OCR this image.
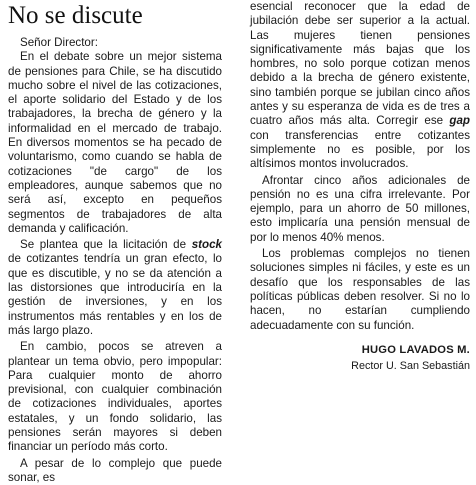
No se discute
Señor Director:

En el debate sobre un mejor sistema de pensiones para Chile, se ha discutido mucho sobre el nivel de las cotizaciones, el aporte solidario del Estado y de los trabajadores, la brecha de género y la informalidad en el mercado de trabajo. En diversos momentos se ha pecado de voluntarismo, como cuando se habla de cotizaciones "de cargo" de los empleadores, aunque sabemos que no será así, excepto en pequeños segmentos de trabajadores de alta demanda y calificación.

Se plantea que la licitación de stock de cotizantes tendría un gran efecto, lo que es discutible, y no se da atención a las distorsiones que introduciría en la gestión de inversiones, y en los instrumentos más rentables y en los de más largo plazo.

En cambio, pocos se atreven a plantear un tema obvio, pero impopular: Para cualquier monto de ahorro previsional, con cualquier combinación de cotizaciones individuales, aportes estatales, y un fondo solidario, las pensiones serán mayores si deben financiar un período más corto.

A pesar de lo complejo que puede sonar, es

esencial reconocer que la edad de jubilación debe ser superior a la actual. Las mujeres tienen pensiones significativamente más bajas que los hombres, no solo porque cotizan menos debido a la brecha de género existente, sino también porque se jubilan cinco años antes y su esperanza de vida es de tres a cuatro años más alta. Corregir ese gap con transferencias entre cotizantes simplemente no es posible, por los altísimos montos involucrados.

Afrontar cinco años adicionales de pensión no es una cifra irrelevante. Por ejemplo, para un ahorro de 50 millones, esto implicaría una pensión mensual de por lo menos 40% menos.

Los problemas complejos no tienen soluciones simples ni fáciles, y este es un desafío que los responsables de las políticas públicas deben resolver. Si no lo hacen, no estarían cumpliendo adecuadamente con su función.

HUGO LAVADOS M.
Rector U. San Sebastián
